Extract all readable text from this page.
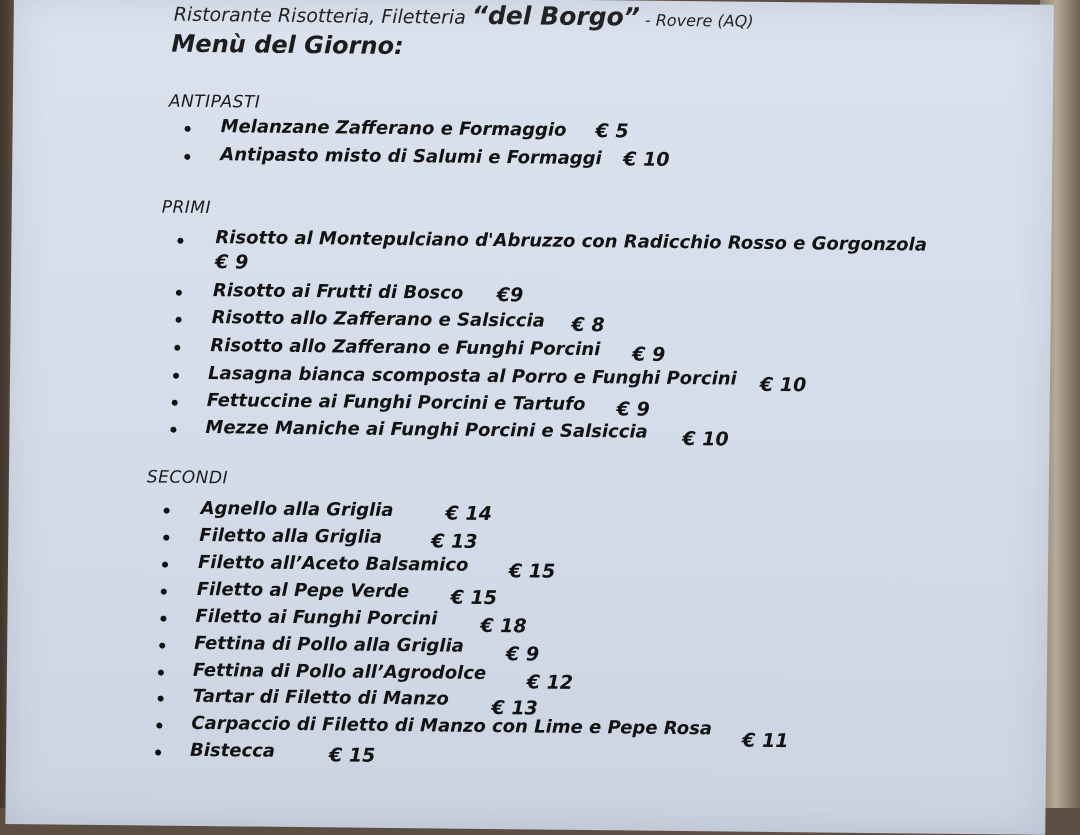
Ristorante Risotteria, Filetteria “del Borgo” - Rovere (AQ)
Menù del Giorno:
ANTIPASTI
Melanzane Zafferano e Formaggio € 5
Antipasto misto di Salumi e Formaggi € 10
PRIMI
Risotto al Montepulciano d'Abruzzo con Radicchio Rosso e Gorgonzola
€ 9
Risotto ai Frutti di Bosco €9
Risotto allo Zafferano e Salsiccia € 8
Risotto allo Zafferano e Funghi Porcini € 9
Lasagna bianca scomposta al Porro e Funghi Porcini € 10
Fettuccine ai Funghi Porcini e Tartufo € 9
Mezze Maniche ai Funghi Porcini e Salsiccia € 10
SECONDI
Agnello alla Griglia	€ 14
Filetto alla Griglia	€ 13
Filetto all’Aceto Balsamico € 15
Filetto al Pepe Verde € 15
Filetto ai Funghi Porcini € 18
Fettina di Pollo alla Griglia € 9
Fettina di Pollo all’Agrodolce € 12
Tartar di Filetto di Manzo € 13
Carpaccio di Filetto di Manzo con Lime e Pepe Rosa
€ 11
Bistecca	€ 15
